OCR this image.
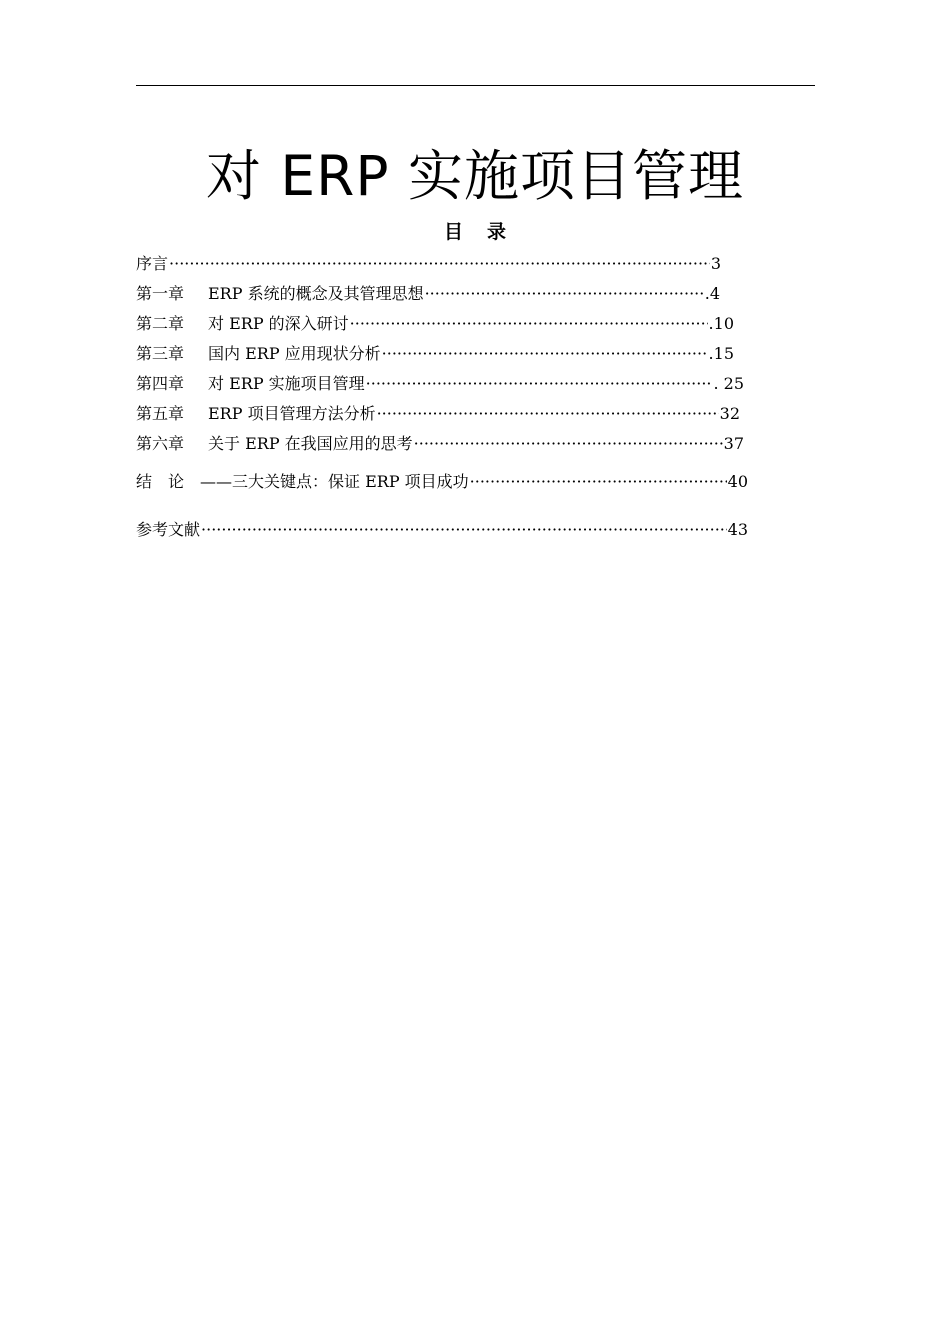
对 ERP 实施项目管理
目 录
序言 ·····	3
第一章	ERP 系统的概念及其管理思想 ·····	.4
第二章	对 ERP 的深入研讨 ·····	.10
第三章	国内 ERP 应用现状分析 ·····	.15
第四章	对 ERP 实施项目管理 ·····	. 25
第五章	ERP 项目管理方法分析 ·····	32
第六章	关于 ERP 在我国应用的思考 ·····	37
结　论 ——三大关键点：保证 ERP 项目成功 ·····	40
参考文献 ·····	43
